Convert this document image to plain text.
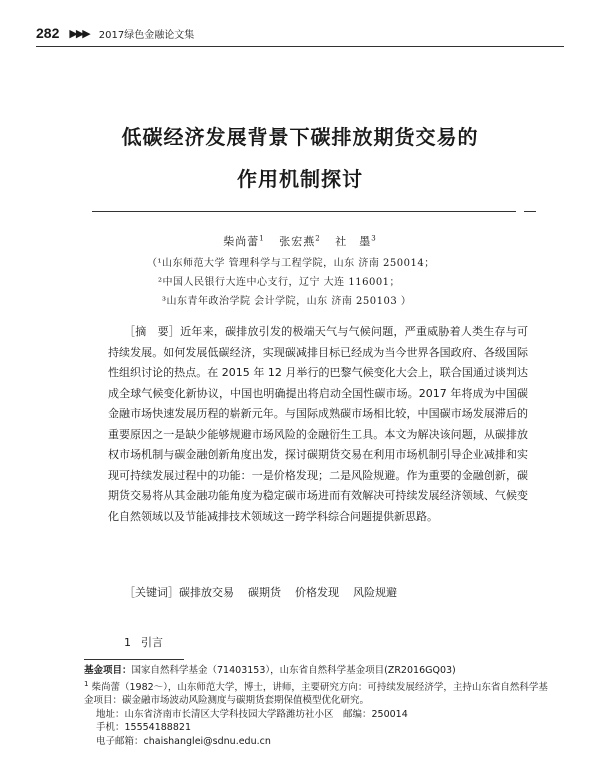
282 ▶▶▶ 2017绿色金融论文集
低碳经济发展背景下碳排放期货交易的
作用机制探讨
柴尚蕾$^1$ 张宏燕$^2$ 社　墨$^3$
（¹山东师范大学 管理科学与工程学院，山东 济南 250014；
²中国人民银行大连中心支行，辽宁 大连 116001；
³山东青年政治学院 会计学院，山东 济南 250103 ）

［摘　要］近年来，碳排放引发的极端天气与气候问题，严重威胁着人类生存与可持续发展。如何发展低碳经济，实现碳减排目标已经成为当今世界各国政府、各级国际性组织讨论的热点。在 2015 年 12 月举行的巴黎气候变化大会上，联合国通过谈判达成全球气候变化新协议，中国也明确提出将启动全国性碳市场。2017 年将成为中国碳金融市场快速发展历程的崭新元年。与国际成熟碳市场相比较，中国碳市场发展滞后的重要原因之一是缺少能够规避市场风险的金融衍生工具。本文为解决该问题，从碳排放权市场机制与碳金融创新角度出发，探讨碳期货交易在利用市场机制引导企业减排和实现可持续发展过程中的功能：一是价格发现；二是风险规避。作为重要的金融创新，碳期货交易将从其金融功能角度为稳定碳市场进而有效解决可持续发展经济领域、气候变化自然领域以及节能减排技术领域这一跨学科综合问题提供新思路。

［关键词］碳排放交易 碳期货 价格发现 风险规避
1 引言
基金项目：国家自然科学基金（71403153），山东省自然科学基金项目(ZR2016GQ03)
$^1$ 柴尚蕾（1982～），山东师范大学，博士，讲师，主要研究方向：可持续发展经济学，主持山东省自然科学基金项目：碳金融市场波动风险测度与碳期货套期保值模型优化研究。
地址：山东省济南市长清区大学科技园大学路潍坊社小区　邮编：250014
手机：15554188821
电子邮箱：chaishanglei@sdnu.edu.cn
